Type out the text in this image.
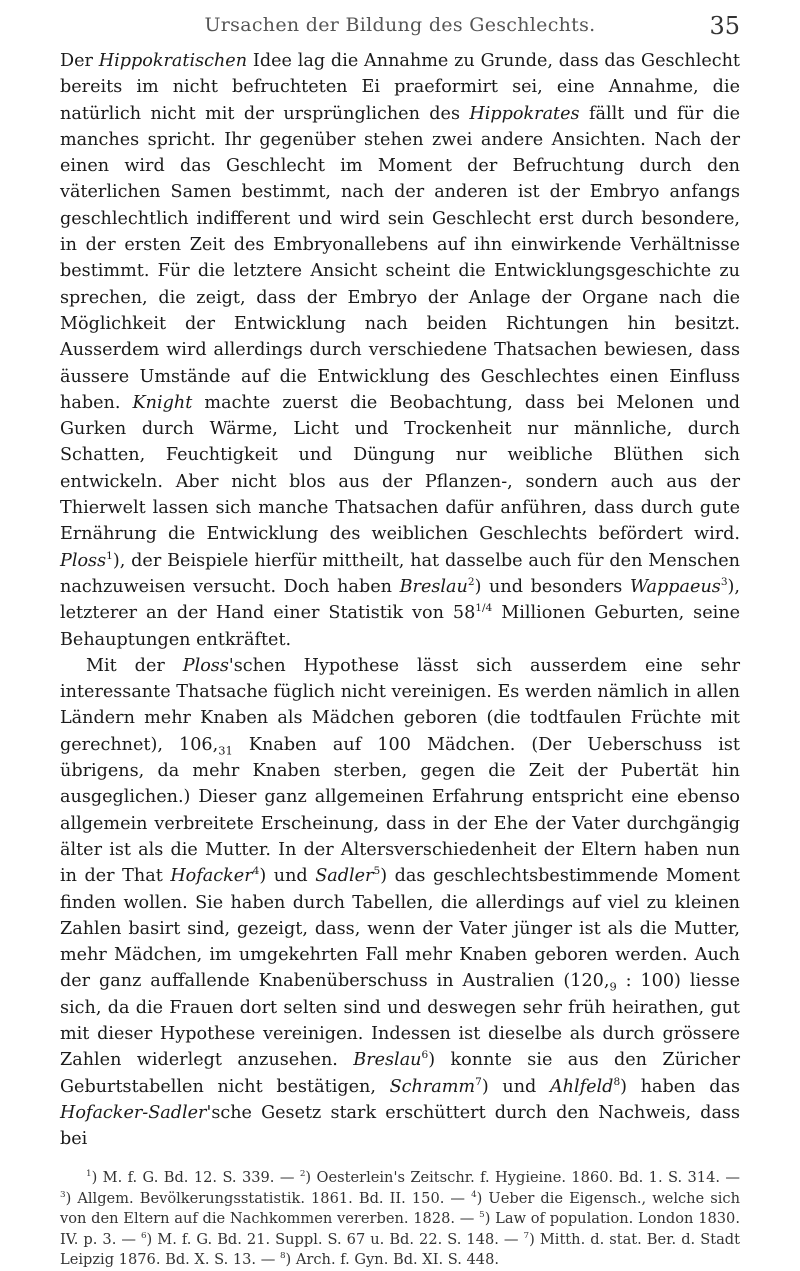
Ursachen der Bildung des Geschlechts.	35

Der Hippokratischen Idee lag die Annahme zu Grunde, dass das Geschlecht bereits im nicht befruchteten Ei praeformirt sei, eine Annahme, die natürlich nicht mit der ursprünglichen des Hippokrates fällt und für die manches spricht. Ihr gegenüber stehen zwei andere Ansichten. Nach der einen wird das Geschlecht im Moment der Befruchtung durch den väterlichen Samen bestimmt, nach der anderen ist der Embryo anfangs geschlechtlich indifferent und wird sein Geschlecht erst durch besondere, in der ersten Zeit des Embryonallebens auf ihn einwirkende Verhältnisse bestimmt. Für die letztere Ansicht scheint die Entwicklungsgeschichte zu sprechen, die zeigt, dass der Embryo der Anlage der Organe nach die Möglichkeit der Entwicklung nach beiden Richtungen hin besitzt. Ausserdem wird allerdings durch verschiedene Thatsachen bewiesen, dass äussere Umstände auf die Entwicklung des Geschlechtes einen Einfluss haben. Knight machte zuerst die Beobachtung, dass bei Melonen und Gurken durch Wärme, Licht und Trockenheit nur männliche, durch Schatten, Feuchtigkeit und Düngung nur weibliche Blüthen sich entwickeln. Aber nicht blos aus der Pflanzen-, sondern auch aus der Thierwelt lassen sich manche Thatsachen dafür anführen, dass durch gute Ernährung die Entwicklung des weiblichen Geschlechts befördert wird. Ploss$^1$), der Beispiele hierfür mittheilt, hat dasselbe auch für den Menschen nachzuweisen versucht. Doch haben Breslau$^2$) und besonders Wappaeus$^3$), letzterer an der Hand einer Statistik von $58^{1/4}$ Millionen Geburten, seine Behauptungen entkräftet.

Mit der Ploss'schen Hypothese lässt sich ausserdem eine sehr interessante Thatsache füglich nicht vereinigen. Es werden nämlich in allen Ländern mehr Knaben als Mädchen geboren (die todtfaulen Früchte mit gerechnet), $106,_{31}$ Knaben auf 100 Mädchen. (Der Ueberschuss ist übrigens, da mehr Knaben sterben, gegen die Zeit der Pubertät hin ausgeglichen.) Dieser ganz allgemeinen Erfahrung entspricht eine ebenso allgemein verbreitete Erscheinung, dass in der Ehe der Vater durchgängig älter ist als die Mutter. In der Altersverschiedenheit der Eltern haben nun in der That Hofacker$^4$) und Sadler$^5$) das geschlechtsbestimmende Moment finden wollen. Sie haben durch Tabellen, die allerdings auf viel zu kleinen Zahlen basirt sind, gezeigt, dass, wenn der Vater jünger ist als die Mutter, mehr Mädchen, im umgekehrten Fall mehr Knaben geboren werden. Auch der ganz auffallende Knabenüberschuss in Australien ($120,_9$ : 100) liesse sich, da die Frauen dort selten sind und deswegen sehr früh heirathen, gut mit dieser Hypothese vereinigen. Indessen ist dieselbe als durch grössere Zahlen widerlegt anzusehen. Breslau$^6$) konnte sie aus den Züricher Geburtstabellen nicht bestätigen, Schramm$^7$) und Ahlfeld$^8$) haben das Hofacker-Sadler'sche Gesetz stark erschüttert durch den Nachweis, dass bei

$^1$) M. f. G. Bd. 12. S. 339. — $^2$) Oesterlein's Zeitschr. f. Hygieine. 1860. Bd. 1. S. 314. — $^3$) Allgem. Bevölkerungsstatistik. 1861. Bd. II. 150. — $^4$) Ueber die Eigensch., welche sich von den Eltern auf die Nachkommen vererben. 1828. — $^5$) Law of population. London 1830. IV. p. 3. — $^6$) M. f. G. Bd. 21. Suppl. S. 67 u. Bd. 22. S. 148. — $^7$) Mitth. d. stat. Ber. d. Stadt Leipzig 1876. Bd. X. S. 13. — $^8$) Arch. f. Gyn. Bd. XI. S. 448.
